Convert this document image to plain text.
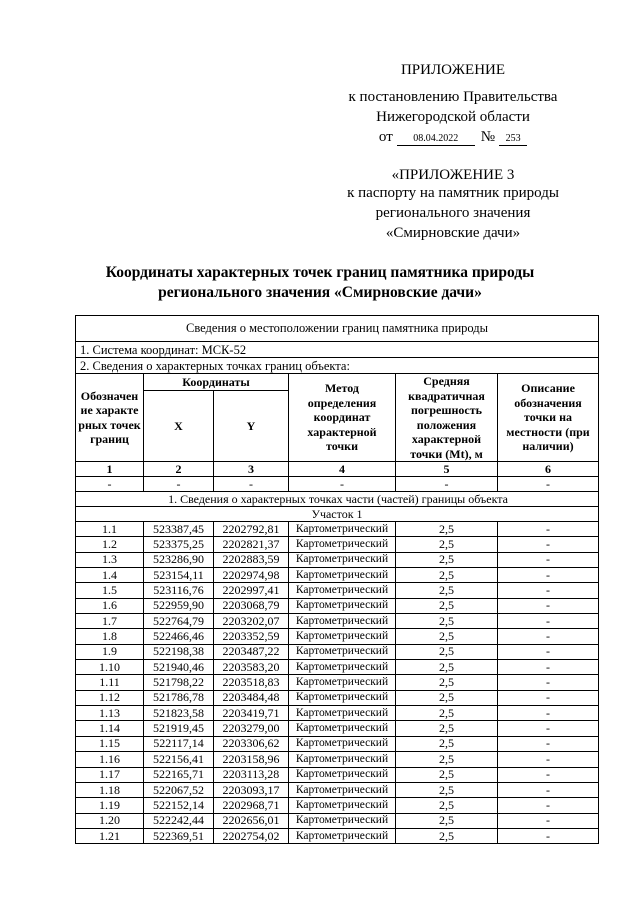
ПРИЛОЖЕНИЕ
к постановлению Правительства
Нижегородской области
от 08.04.2022 № 253
«ПРИЛОЖЕНИЕ 3
к паспорту на памятник природы
регионального значения
«Смирновские дачи»
Координаты характерных точек границ памятника природы
регионального значения «Смирновские дачи»
Сведения о местоположении границ памятника природы					
1. Система координат: МСК-52					
2. Сведения о характерных точках границ объекта:					
Обозначение характерных точек границ	Координаты		Метод определения координат характерной точки	Средняя квадратичная погрешность положения характерной точки (Mt), м	Описание обозначения точки на местности (при наличии)
	X	Y			
1	2	3	4	5	6
-	-	-	-	-	-
1. Сведения о характерных точках части (частей) границы объекта					
Участок 1					
1.1	523387,45	2202792,81	Картометрический	2,5	-
1.2	523375,25	2202821,37	Картометрический	2,5	-
1.3	523286,90	2202883,59	Картометрический	2,5	-
1.4	523154,11	2202974,98	Картометрический	2,5	-
1.5	523116,76	2202997,41	Картометрический	2,5	-
1.6	522959,90	2203068,79	Картометрический	2,5	-
1.7	522764,79	2203202,07	Картометрический	2,5	-
1.8	522466,46	2203352,59	Картометрический	2,5	-
1.9	522198,38	2203487,22	Картометрический	2,5	-
1.10	521940,46	2203583,20	Картометрический	2,5	-
1.11	521798,22	2203518,83	Картометрический	2,5	-
1.12	521786,78	2203484,48	Картометрический	2,5	-
1.13	521823,58	2203419,71	Картометрический	2,5	-
1.14	521919,45	2203279,00	Картометрический	2,5	-
1.15	522117,14	2203306,62	Картометрический	2,5	-
1.16	522156,41	2203158,96	Картометрический	2,5	-
1.17	522165,71	2203113,28	Картометрический	2,5	-
1.18	522067,52	2203093,17	Картометрический	2,5	-
1.19	522152,14	2202968,71	Картометрический	2,5	-
1.20	522242,44	2202656,01	Картометрический	2,5	-
1.21	522369,51	2202754,02	Картометрический	2,5	-
